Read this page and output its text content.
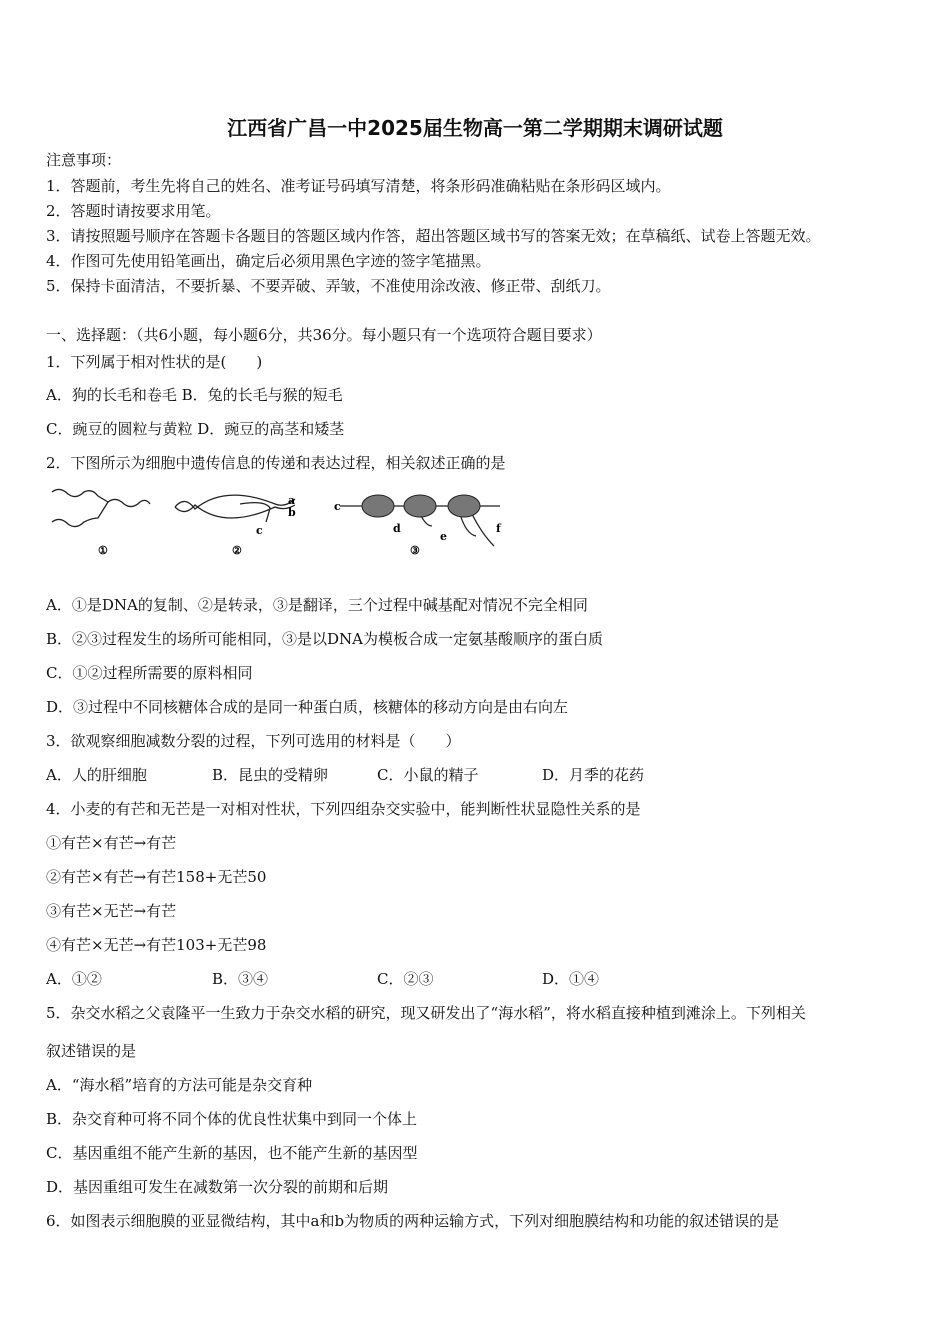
江西省广昌一中2025届生物高一第二学期期末调研试题
注意事项：
1．答题前，考生先将自己的姓名、准考证号码填写清楚，将条形码准确粘贴在条形码区域内。
2．答题时请按要求用笔。
3．请按照题号顺序在答题卡各题目的答题区域内作答，超出答题区域书写的答案无效；在草稿纸、试卷上答题无效。
4．作图可先使用铅笔画出，确定后必须用黑色字迹的签字笔描黑。
5．保持卡面清洁，不要折暴、不要弄破、弄皱，不准使用涂改液、修正带、刮纸刀。
一、选择题：（共6小题，每小题6分，共36分。每小题只有一个选项符合题目要求）
1．下列属于相对性状的是(　　)
A．狗的长毛和卷毛 B．兔的长毛与猴的短毛
C．豌豆的圆粒与黄粒 D．豌豆的高茎和矮茎
2．下图所示为细胞中遗传信息的传递和表达过程，相关叙述正确的是
①	②	③
a
b
c
c
d
e
f
A．①是DNA的复制、②是转录，③是翻译，三个过程中碱基配对情况不完全相同
B．②③过程发生的场所可能相同，③是以DNA为模板合成一定氨基酸顺序的蛋白质
C．①②过程所需要的原料相同
D．③过程中不同核糖体合成的是同一种蛋白质，核糖体的移动方向是由右向左
3．欲观察细胞减数分裂的过程，下列可选用的材料是（　　）
A．人的肝细胞	B．昆虫的受精卵	C．小鼠的精子	D．月季的花药
4．小麦的有芒和无芒是一对相对性状，下列四组杂交实验中，能判断性状显隐性关系的是
①有芒×有芒→有芒
②有芒×有芒→有芒158+无芒50
③有芒×无芒→有芒
④有芒×无芒→有芒103+无芒98
A．①②	B．③④	C．②③	D．①④
5．杂交水稻之父袁隆平一生致力于杂交水稻的研究，现又研发出了“海水稻”，将水稻直接种植到滩涂上。下列相关
叙述错误的是
A．“海水稻”培育的方法可能是杂交育种
B．杂交育种可将不同个体的优良性状集中到同一个体上
C．基因重组不能产生新的基因，也不能产生新的基因型
D．基因重组可发生在减数第一次分裂的前期和后期
6．如图表示细胞膜的亚显微结构，其中a和b为物质的两种运输方式，下列对细胞膜结构和功能的叙述错误的是
